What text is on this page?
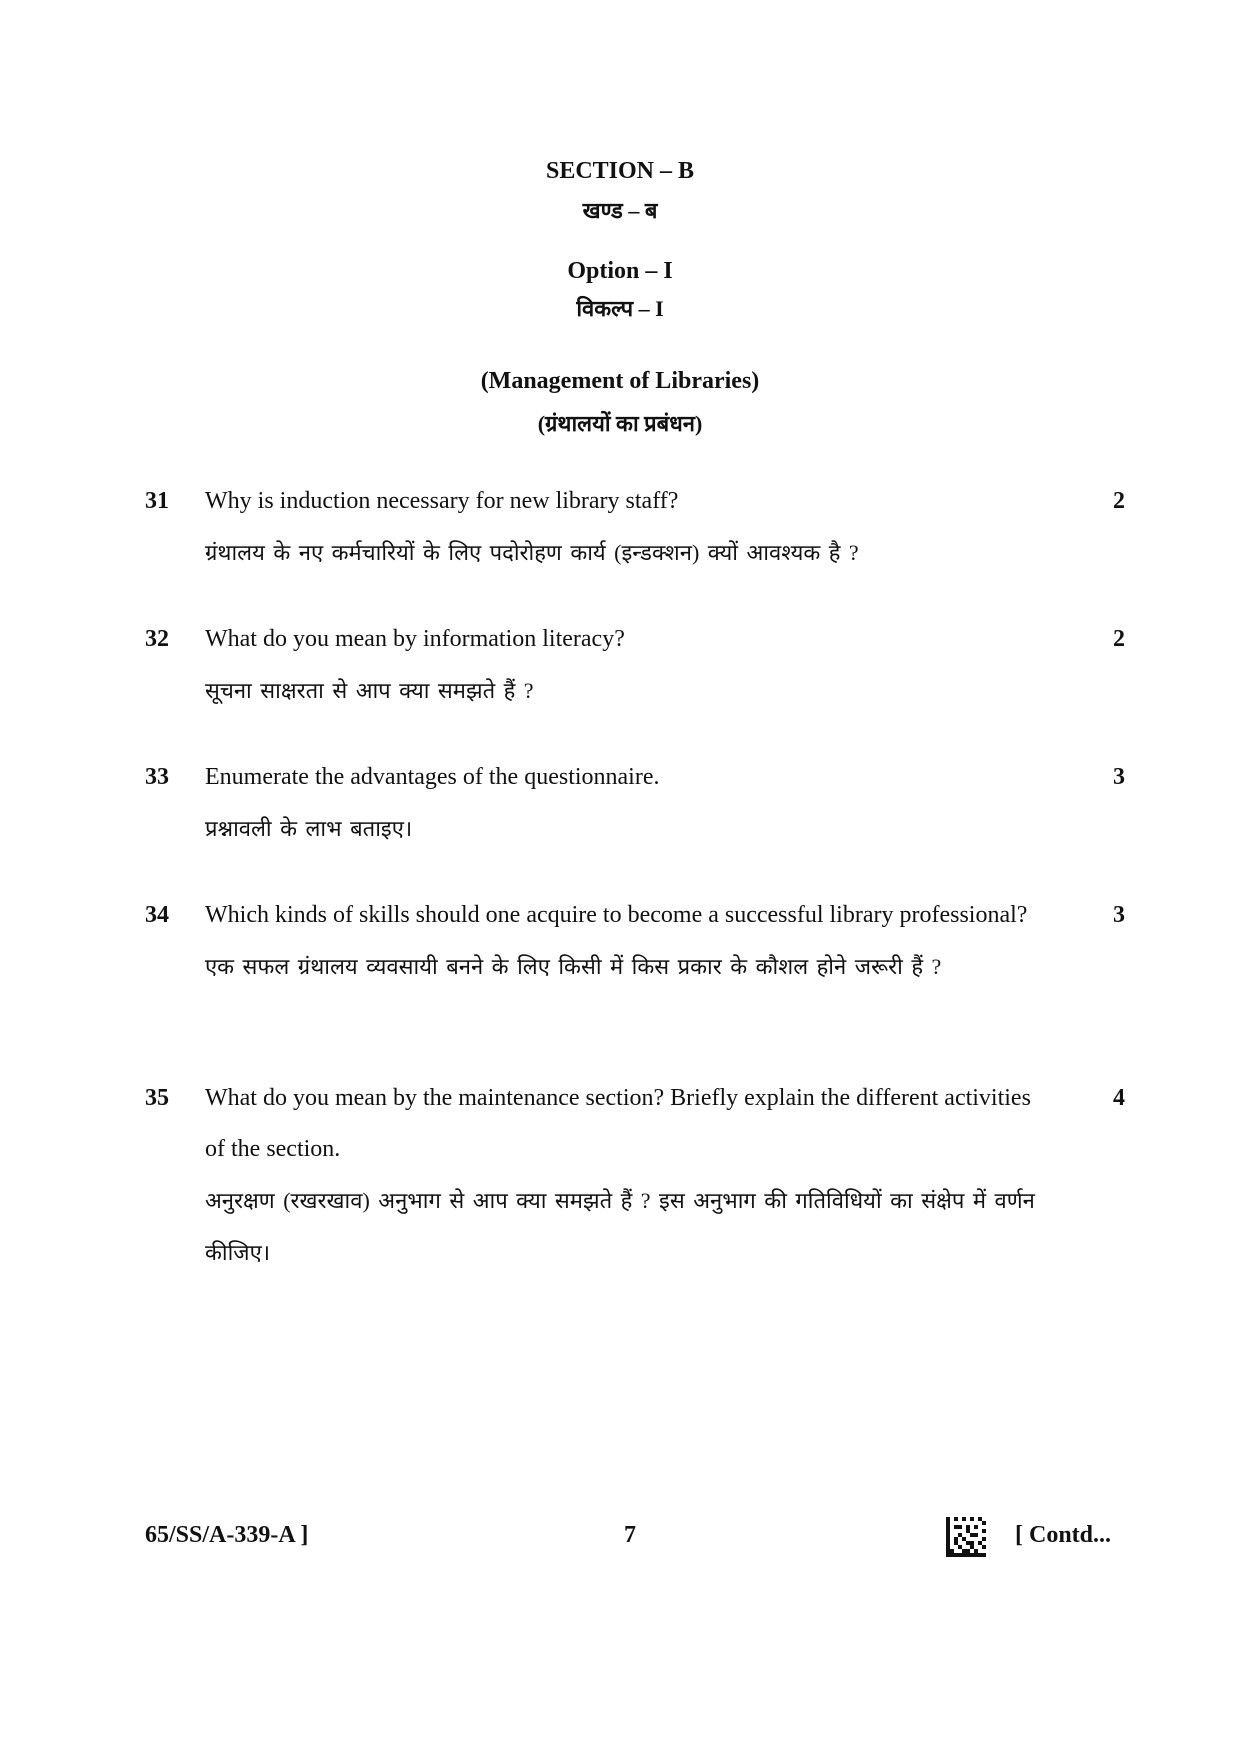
SECTION – B
खण्ड – ब
Option – I
विकल्प – I
(Management of Libraries)
(ग्रंथालयों का प्रबंधन)
31 Why is induction necessary for new library staff?
ग्रंथालय के नए कर्मचारियों के लिए पदोरोहण कार्य (इन्डक्शन) क्यों आवश्यक है ?
2
32 What do you mean by information literacy?
सूचना साक्षरता से आप क्या समझते हैं ?
2
33 Enumerate the advantages of the questionnaire.
प्रश्नावली के लाभ बताइए।
3
34 Which kinds of skills should one acquire to become a successful library professional?
एक सफल ग्रंथालय व्यवसायी बनने के लिए किसी में किस प्रकार के कौशल होने जरूरी हैं ?
3
35 What do you mean by the maintenance section? Briefly explain the different activities of the section.
अनुरक्षण (रखरखाव) अनुभाग से आप क्या समझते हैं ? इस अनुभाग की गतिविधियों का संक्षेप में वर्णन कीजिए।
4
65/SS/A-339-A ]	7	[ Contd...
